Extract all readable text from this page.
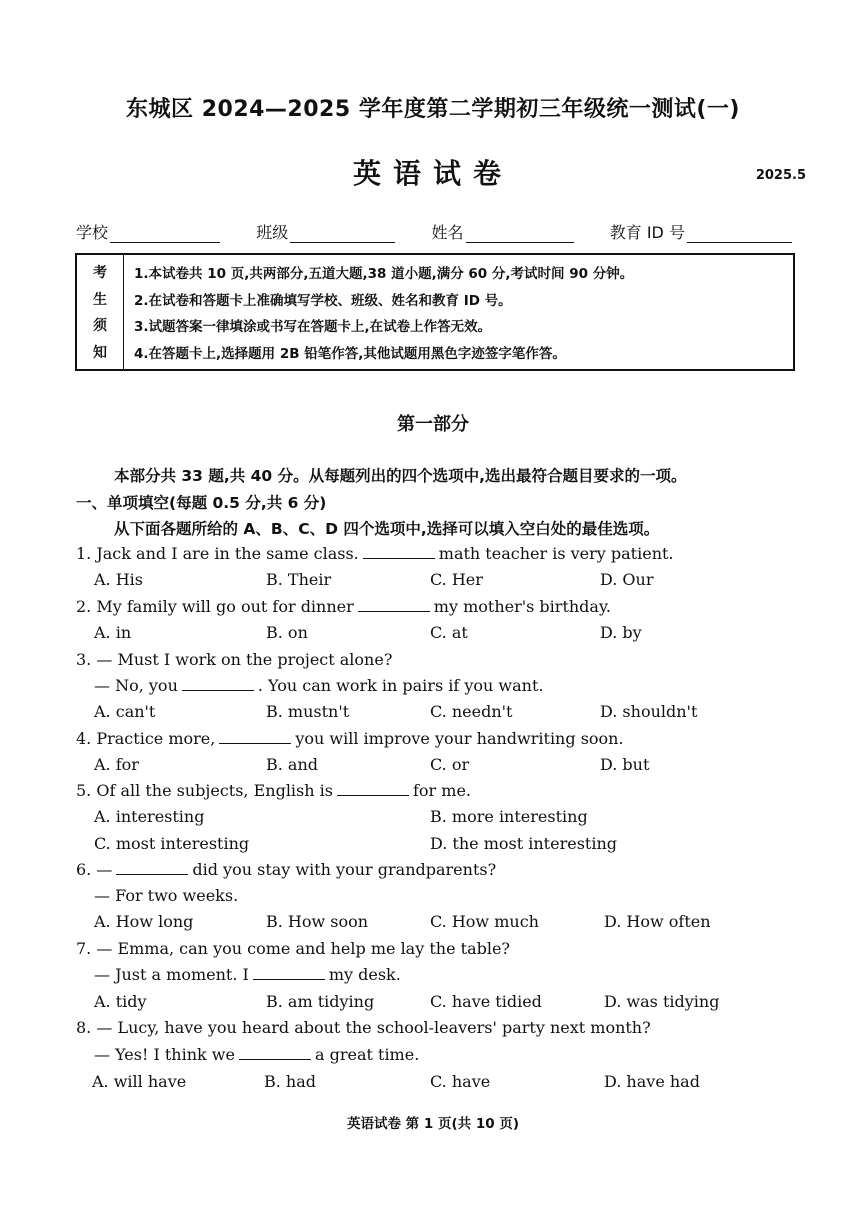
东城区 2024—2025 学年度第二学期初三年级统一测试(一)
英语试卷	2025.5
学校	班级	姓名	教育 ID 号
考
生
须
知
1.本试卷共 10 页,共两部分,五道大题,38 道小题,满分 60 分,考试时间 90 分钟。
2.在试卷和答题卡上准确填写学校、班级、姓名和教育 ID 号。
3.试题答案一律填涂或书写在答题卡上,在试卷上作答无效。
4.在答题卡上,选择题用 2B 铅笔作答,其他试题用黑色字迹签字笔作答。
第一部分
本部分共 33 题,共 40 分。从每题列出的四个选项中,选出最符合题目要求的一项。
一、单项填空(每题 0.5 分,共 6 分)
从下面各题所给的 A、B、C、D 四个选项中,选择可以填入空白处的最佳选项。
1. Jack and I are in the same class.	math teacher is very patient.
A. His	B. Their	C. Her	D. Our
2. My family will go out for dinner	my mother's birthday.
A. in	B. on	C. at	D. by
3. — Must I work on the project alone?
— No, you	. You can work in pairs if you want.
A. can't	B. mustn't	C. needn't	D. shouldn't
4. Practice more,	you will improve your handwriting soon.
A. for	B. and	C. or	D. but
5. Of all the subjects, English is	for me.
A. interesting	B. more interesting
C. most interesting	D. the most interesting
6. —	did you stay with your grandparents?
— For two weeks.
A. How long	B. How soon	C. How much	D. How often
7. — Emma, can you come and help me lay the table?
— Just a moment. I	my desk.
A. tidy	B. am tidying	C. have tidied	D. was tidying
8. — Lucy, have you heard about the school-leavers' party next month?
— Yes! I think we	a great time.
A. will have	B. had	C. have	D. have had
英语试卷 第 1 页(共 10 页)
